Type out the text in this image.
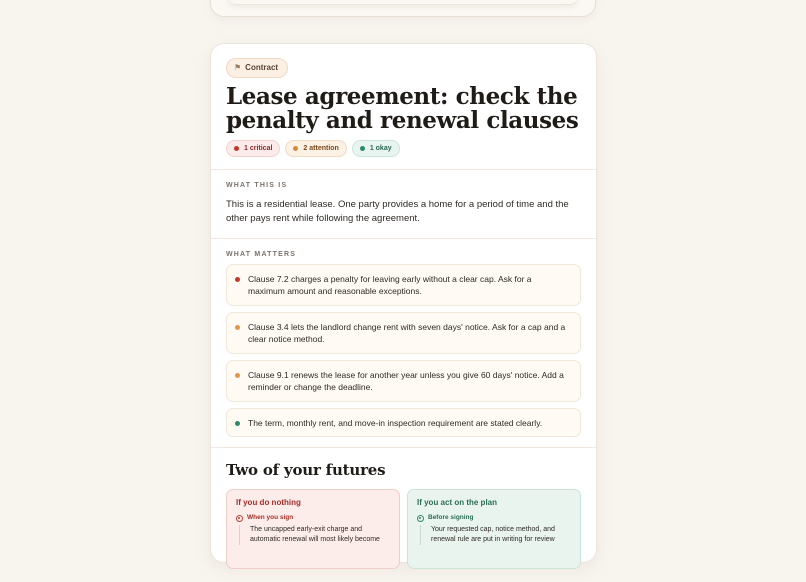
⚑ Contract
Lease agreement: check the penalty and renewal clauses
1 critical	2 attention	1 okay
WHAT THIS IS

This is a residential lease. One party provides a home for a period of time and the other pays rent while following the agreement.

WHAT MATTERS
Clause 7.2 charges a penalty for leaving early without a clear cap. Ask for a maximum amount and reasonable exceptions.
Clause 3.4 lets the landlord change rent with seven days' notice. Ask for a cap and a clear notice method.
Clause 9.1 renews the lease for another year unless you give 60 days' notice. Add a reminder or change the deadline.
The term, monthly rent, and move-in inspection requirement are stated clearly.
Two of your futures
If you do nothing
When you sign
The uncapped early-exit charge and automatic renewal will most likely become
If you act on the plan
Before signing
Your requested cap, notice method, and renewal rule are put in writing for review
